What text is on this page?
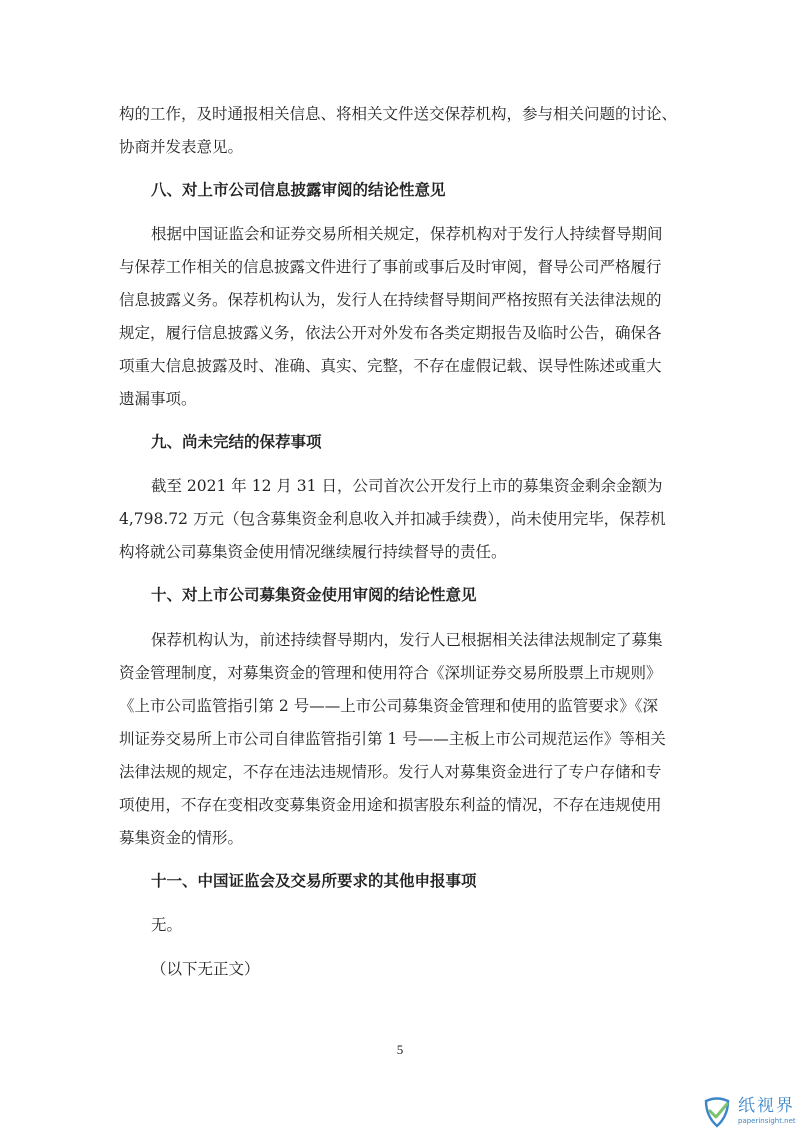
构的工作，及时通报相关信息、将相关文件送交保荐机构，参与相关问题的讨论、
协商并发表意见。
八、对上市公司信息披露审阅的结论性意见
根据中国证监会和证券交易所相关规定，保荐机构对于发行人持续督导期间
与保荐工作相关的信息披露文件进行了事前或事后及时审阅，督导公司严格履行
信息披露义务。保荐机构认为，发行人在持续督导期间严格按照有关法律法规的
规定，履行信息披露义务，依法公开对外发布各类定期报告及临时公告，确保各
项重大信息披露及时、准确、真实、完整，不存在虚假记载、误导性陈述或重大
遗漏事项。
九、尚未完结的保荐事项
截至 2021 年 12 月 31 日，公司首次公开发行上市的募集资金剩余金额为
4,798.72 万元（包含募集资金利息收入并扣减手续费），尚未使用完毕，保荐机
构将就公司募集资金使用情况继续履行持续督导的责任。
十、对上市公司募集资金使用审阅的结论性意见
保荐机构认为，前述持续督导期内，发行人已根据相关法律法规制定了募集
资金管理制度，对募集资金的管理和使用符合《深圳证券交易所股票上市规则》
《上市公司监管指引第 2 号——上市公司募集资金管理和使用的监管要求》《深
圳证券交易所上市公司自律监管指引第 1 号——主板上市公司规范运作》等相关
法律法规的规定，不存在违法违规情形。发行人对募集资金进行了专户存储和专
项使用，不存在变相改变募集资金用途和损害股东利益的情况，不存在违规使用
募集资金的情形。
十一、中国证监会及交易所要求的其他申报事项
无。
（以下无正文）
5
纸视界
paperinsight.net
